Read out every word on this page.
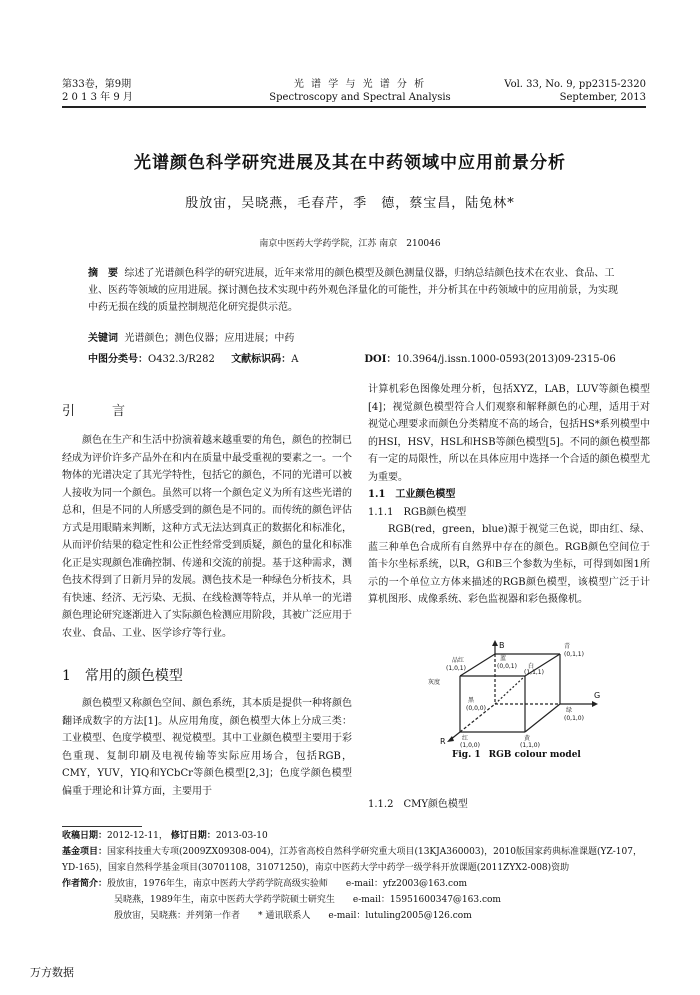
第33卷，第9期
2 0 1 3 年 9 月
光 谱 学 与 光 谱 分 析
Spectroscopy and Spectral Analysis
Vol. 33, No. 9, pp2315-2320
September, 2013
光谱颜色科学研究进展及其在中药领域中应用前景分析
殷放宙，吴晓燕，毛春芹，季　德，蔡宝昌，陆兔林*
南京中医药大学药学院，江苏 南京　210046
摘　要 综述了光谱颜色科学的研究进展，近年来常用的颜色模型及颜色测量仪器，归纳总结颜色技术在农业、食品、工业、医药等领域的应用进展。探讨测色技术实现中药外观色泽量化的可能性，并分析其在中药领域中的应用前景，为实现中药无损在线的质量控制规范化研究提供示范。
关键词 光谱颜色；测色仪器；应用进展；中药
中图分类号：O432.3/R282 文献标识码：A	DOI：10.3964/j.issn.1000-0593(2013)09-2315-06
引　言

颜色在生产和生活中扮演着越来越重要的角色，颜色的控制已经成为评价许多产品外在和内在质量中最受重视的要素之一。一个物体的光谱决定了其光学特性，包括它的颜色，不同的光谱可以被人接收为同一个颜色。虽然可以将一个颜色定义为所有这些光谱的总和，但是不同的人所感受到的颜色是不同的。而传统的颜色评估方式是用眼睛来判断，这种方式无法达到真正的数据化和标准化，从而评价结果的稳定性和公正性经常受到质疑，颜色的量化和标准化正是实现颜色准确控制、传递和交流的前提。基于这种需求，测色技术得到了日新月异的发展。测色技术是一种绿色分析技术，具有快速、经济、无污染、无损、在线检测等特点，并从单一的光谱颜色理论研究逐渐进入了实际颜色检测应用阶段，其被广泛应用于农业、食品、工业、医学诊疗等行业。

1　常用的颜色模型

颜色模型又称颜色空间、颜色系统，其本质是提供一种将颜色翻译成数字的方法[1]。从应用角度，颜色模型大体上分成三类：工业模型、色度学模型、视觉模型。其中工业颜色模型主要用于彩色重现、复制印刷及电视传输等实际应用场合，包括RGB，CMY，YUV，YIQ和YCbCr等颜色模型[2,3]；色度学颜色模型偏重于理论和计算方面，主要用于

计算机彩色图像处理分析，包括XYZ，LAB，LUV等颜色模型[4]；视觉颜色模型符合人们观察和解释颜色的心理，适用于对视觉心理要求而颜色分类精度不高的场合，包括HS*系列模型中的HSI，HSV，HSL和HSB等颜色模型[5]。不同的颜色模型都有一定的局限性，所以在具体应用中选择一个合适的颜色模型尤为重要。

1.1　工业颜色模型
1.1.1　RGB颜色模型

RGB(red，green，blue)源于视觉三色说，即由红、绿、蓝三种单色合成所有自然界中存在的颜色。RGB颜色空间位于笛卡尔坐标系统，以R，G和B三个参数为坐标，可得到如图1所示的一个单位立方体来描述的RGB颜色模型，该模型广泛于计算机图形、成像系统、彩色监视器和彩色摄像机。

B
G
R
品红
(1,0,1)
灰度
蓝
(0,0,1) 白
(1,1,1)
青
(0,1,1)
黑
(0,0,0)	绿
(0,1,0)
红
(1,0,0)
黄
(1,1,0)
Fig. 1 RGB colour model
1.1.2　CMY颜色模型
收稿日期：2012-12-11， 修订日期：2013-03-10
基金项目：国家科技重大专项(2009ZX09308-004)，江苏省高校自然科学研究重大项目(13KJA360003)，2010版国家药典标准课题(YZ-107，YD-165)，国家自然科学基金项目(30701108，31071250)，南京中医药大学中药学一级学科开放课题(2011ZYX2-008)资助
作者简介：殷放宙，1976年生，南京中医药大学药学院高级实验师　　e-mail：yfz2003@163.com
吴晓燕，1989年生，南京中医药大学药学院硕士研究生　　e-mail：15951600347@163.com
殷放宙，吴晓燕：并列第一作者　　* 通讯联系人　　e-mail：lutuling2005@126.com
万方数据
